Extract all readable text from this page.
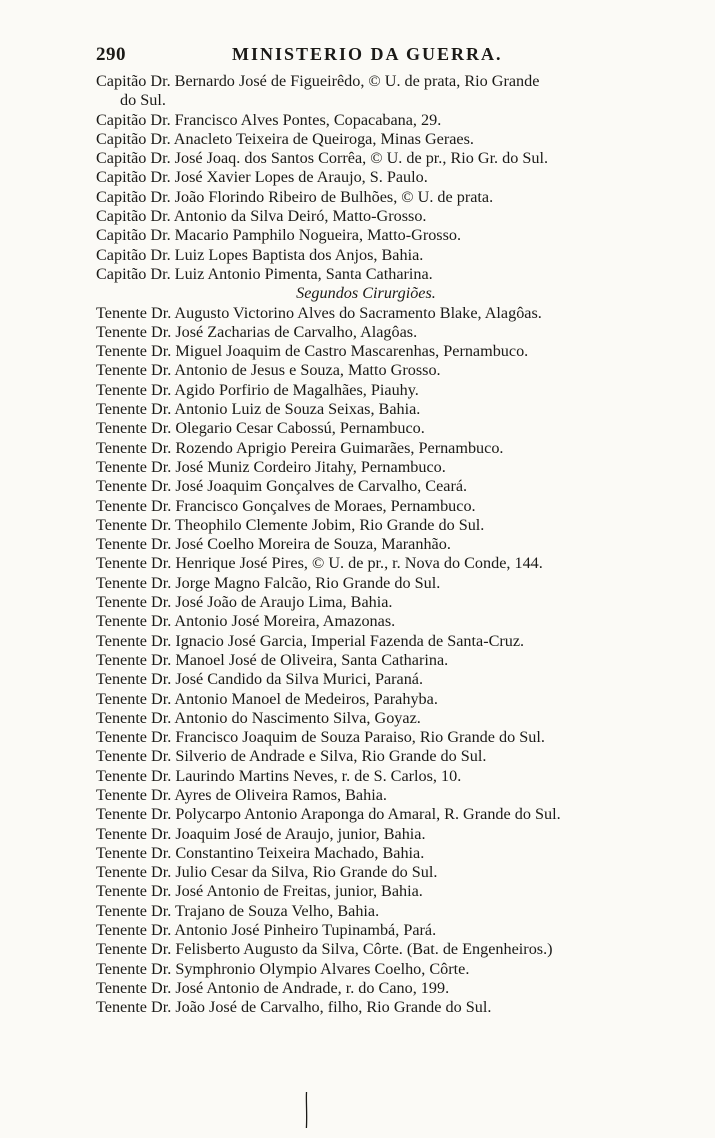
290	MINISTERIO DA GUERRA.
Capitão Dr. Bernardo José de Figueirêdo, © U. de prata, Rio Grande
do Sul.
Capitão Dr. Francisco Alves Pontes, Copacabana, 29.
Capitão Dr. Anacleto Teixeira de Queiroga, Minas Geraes.
Capitão Dr. José Joaq. dos Santos Corrêa, © U. de pr., Rio Gr. do Sul.
Capitão Dr. José Xavier Lopes de Araujo, S. Paulo.
Capitão Dr. João Florindo Ribeiro de Bulhões, © U. de prata.
Capitão Dr. Antonio da Silva Deiró, Matto-Grosso.
Capitão Dr. Macario Pamphilo Nogueira, Matto-Grosso.
Capitão Dr. Luiz Lopes Baptista dos Anjos, Bahia.
Capitão Dr. Luiz Antonio Pimenta, Santa Catharina.
Segundos Cirurgiões.
Tenente Dr. Augusto Victorino Alves do Sacramento Blake, Alagôas.
Tenente Dr. José Zacharias de Carvalho, Alagôas.
Tenente Dr. Miguel Joaquim de Castro Mascarenhas, Pernambuco.
Tenente Dr. Antonio de Jesus e Souza, Matto Grosso.
Tenente Dr. Agido Porfirio de Magalhães, Piauhy.
Tenente Dr. Antonio Luiz de Souza Seixas, Bahia.
Tenente Dr. Olegario Cesar Cabossú, Pernambuco.
Tenente Dr. Rozendo Aprigio Pereira Guimarães, Pernambuco.
Tenente Dr. José Muniz Cordeiro Jitahy, Pernambuco.
Tenente Dr. José Joaquim Gonçalves de Carvalho, Ceará.
Tenente Dr. Francisco Gonçalves de Moraes, Pernambuco.
Tenente Dr. Theophilo Clemente Jobim, Rio Grande do Sul.
Tenente Dr. José Coelho Moreira de Souza, Maranhão.
Tenente Dr. Henrique José Pires, © U. de pr., r. Nova do Conde, 144.
Tenente Dr. Jorge Magno Falcão, Rio Grande do Sul.
Tenente Dr. José João de Araujo Lima, Bahia.
Tenente Dr. Antonio José Moreira, Amazonas.
Tenente Dr. Ignacio José Garcia, Imperial Fazenda de Santa-Cruz.
Tenente Dr. Manoel José de Oliveira, Santa Catharina.
Tenente Dr. José Candido da Silva Murici, Paraná.
Tenente Dr. Antonio Manoel de Medeiros, Parahyba.
Tenente Dr. Antonio do Nascimento Silva, Goyaz.
Tenente Dr. Francisco Joaquim de Souza Paraiso, Rio Grande do Sul.
Tenente Dr. Silverio de Andrade e Silva, Rio Grande do Sul.
Tenente Dr. Laurindo Martins Neves, r. de S. Carlos, 10.
Tenente Dr. Ayres de Oliveira Ramos, Bahia.
Tenente Dr. Polycarpo Antonio Araponga do Amaral, R. Grande do Sul.
Tenente Dr. Joaquim José de Araujo, junior, Bahia.
Tenente Dr. Constantino Teixeira Machado, Bahia.
Tenente Dr. Julio Cesar da Silva, Rio Grande do Sul.
Tenente Dr. José Antonio de Freitas, junior, Bahia.
Tenente Dr. Trajano de Souza Velho, Bahia.
Tenente Dr. Antonio José Pinheiro Tupinambá, Pará.
Tenente Dr. Felisberto Augusto da Silva, Côrte. (Bat. de Engenheiros.)
Tenente Dr. Symphronio Olympio Alvares Coelho, Côrte.
Tenente Dr. José Antonio de Andrade, r. do Cano, 199.
Tenente Dr. João José de Carvalho, filho, Rio Grande do Sul.
